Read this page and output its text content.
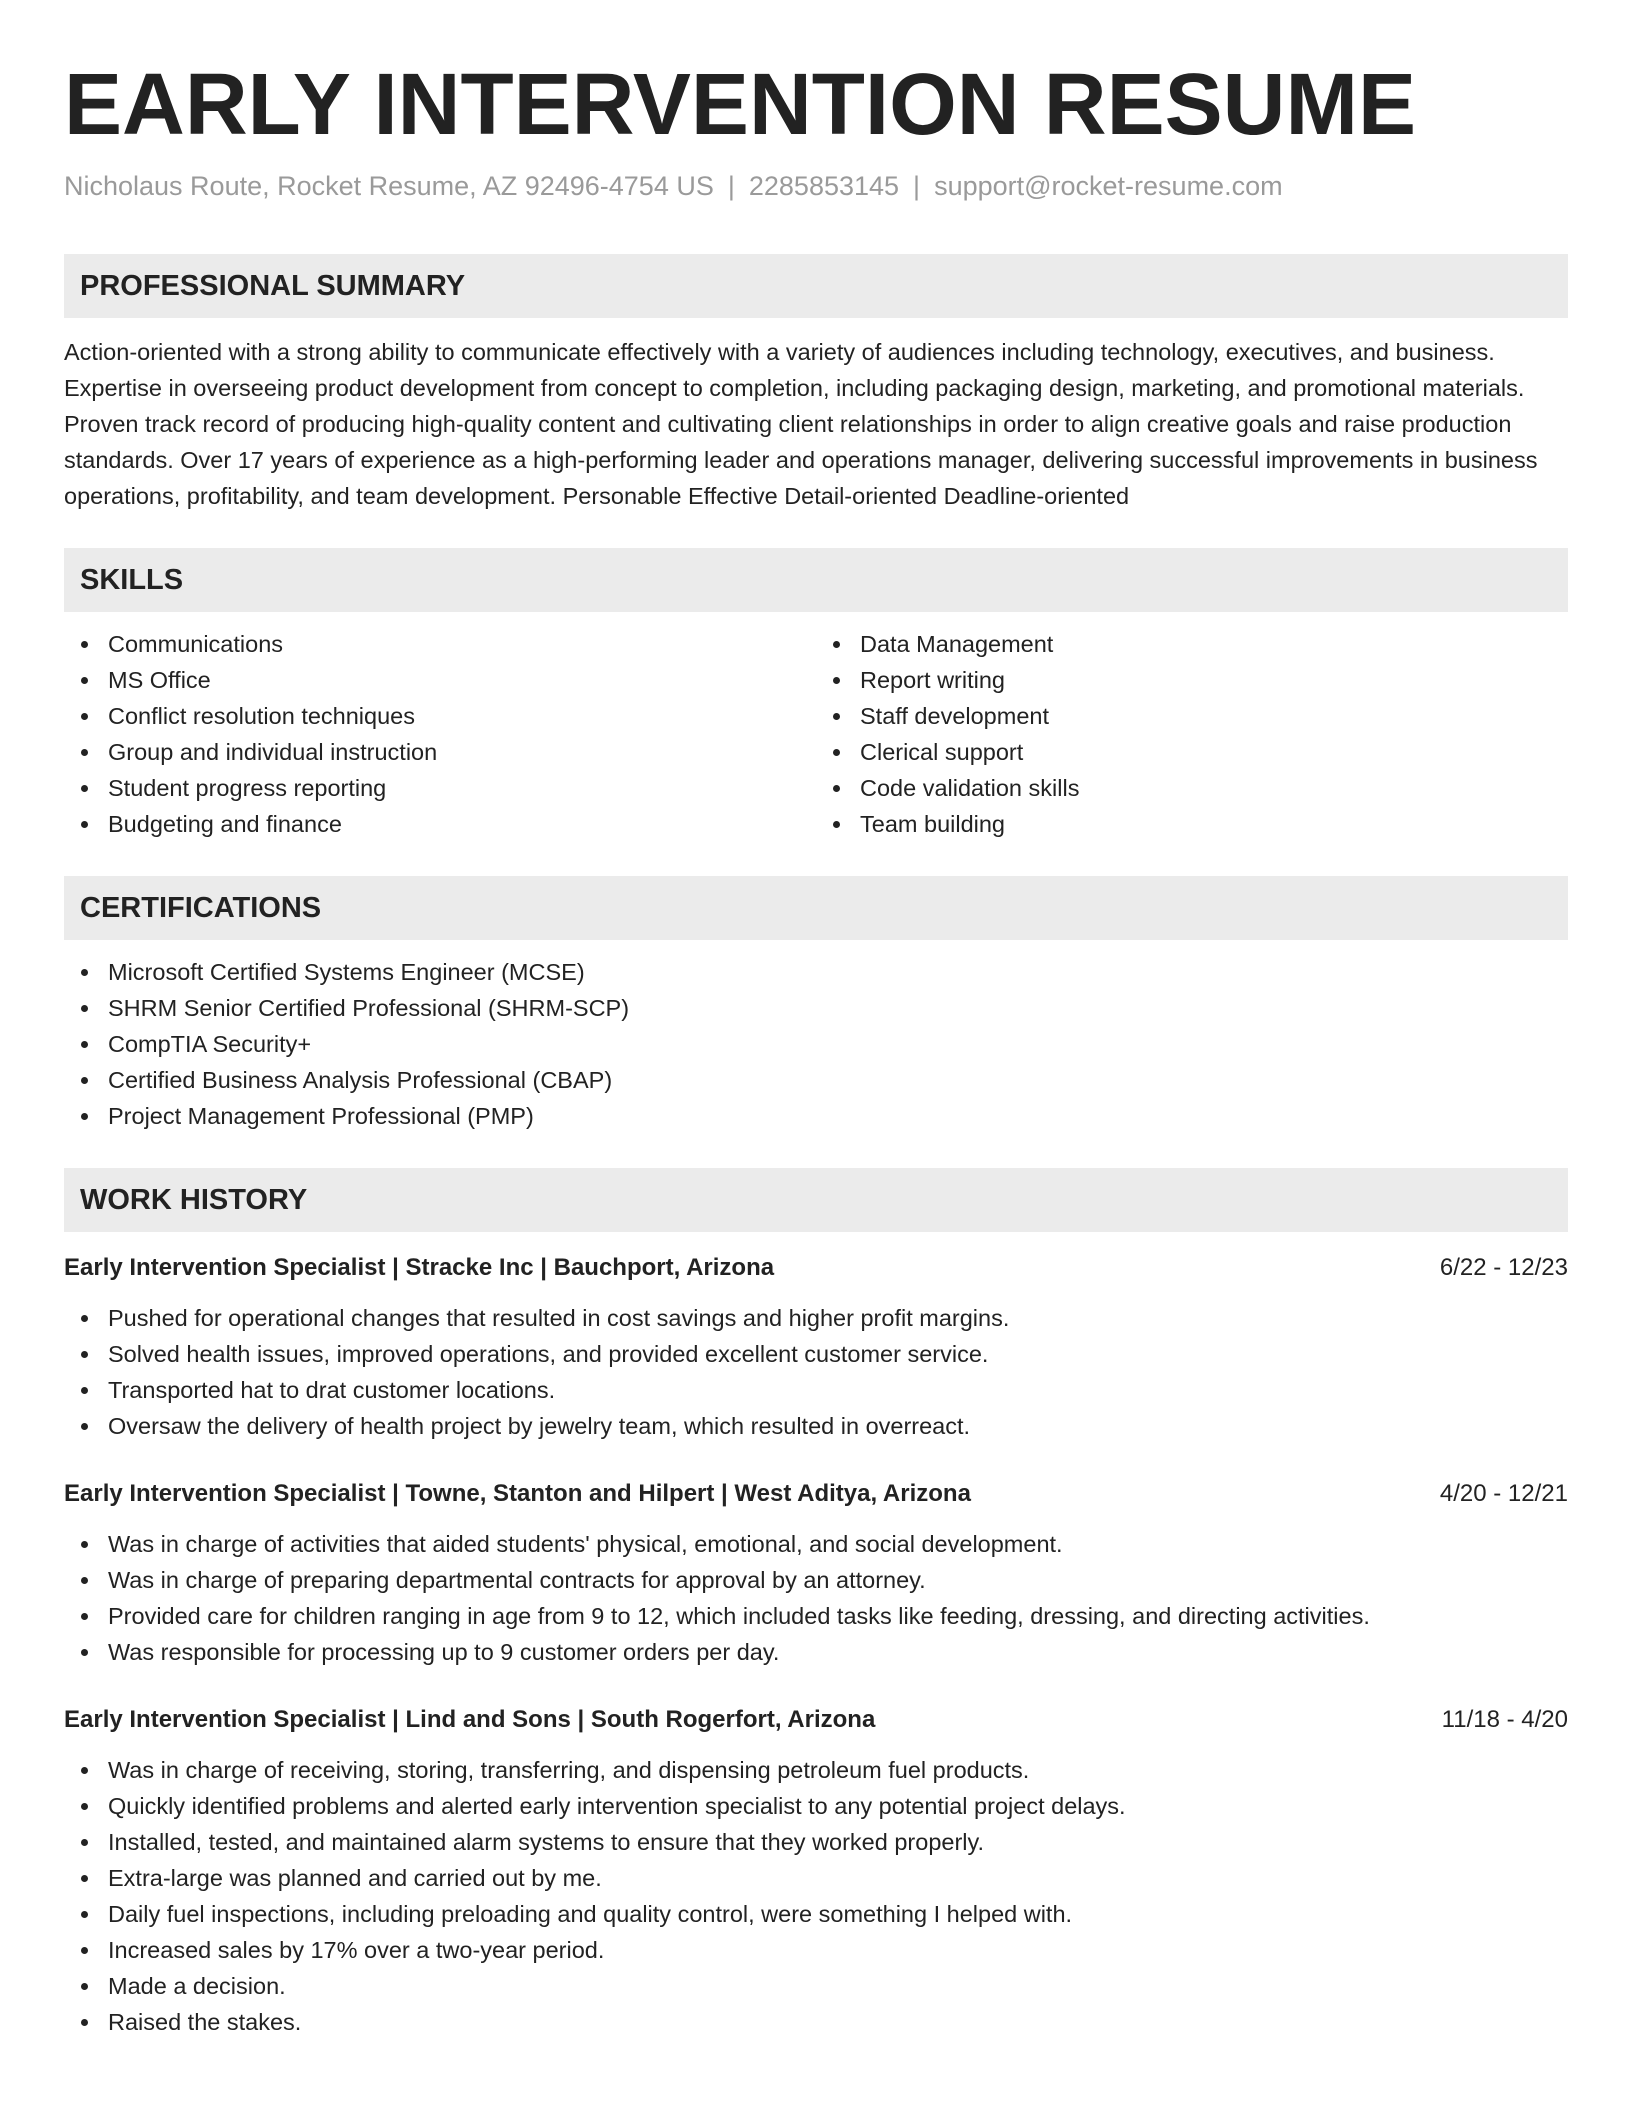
EARLY INTERVENTION RESUME
Nicholaus Route, Rocket Resume, AZ 92496-4754 US | 2285853145 | support@rocket-resume.com
PROFESSIONAL SUMMARY
Action-oriented with a strong ability to communicate effectively with a variety of audiences including technology, executives, and business. Expertise in overseeing product development from concept to completion, including packaging design, marketing, and promotional materials. Proven track record of producing high-quality content and cultivating client relationships in order to align creative goals and raise production standards. Over 17 years of experience as a high-performing leader and operations manager, delivering successful improvements in business operations, profitability, and team development. Personable Effective Detail-oriented Deadline-oriented
SKILLS
Communications
MS Office
Conflict resolution techniques
Group and individual instruction
Student progress reporting
Budgeting and finance
Data Management
Report writing
Staff development
Clerical support
Code validation skills
Team building
CERTIFICATIONS
Microsoft Certified Systems Engineer (MCSE)
SHRM Senior Certified Professional (SHRM-SCP)
CompTIA Security+
Certified Business Analysis Professional (CBAP)
Project Management Professional (PMP)
WORK HISTORY
Early Intervention Specialist | Stracke Inc | Bauchport, Arizona	6/22 - 12/23
Pushed for operational changes that resulted in cost savings and higher profit margins.
Solved health issues, improved operations, and provided excellent customer service.
Transported hat to drat customer locations.
Oversaw the delivery of health project by jewelry team, which resulted in overreact.
Early Intervention Specialist | Towne, Stanton and Hilpert | West Aditya, Arizona	4/20 - 12/21
Was in charge of activities that aided students' physical, emotional, and social development.
Was in charge of preparing departmental contracts for approval by an attorney.
Provided care for children ranging in age from 9 to 12, which included tasks like feeding, dressing, and directing activities.
Was responsible for processing up to 9 customer orders per day.
Early Intervention Specialist | Lind and Sons | South Rogerfort, Arizona	11/18 - 4/20
Was in charge of receiving, storing, transferring, and dispensing petroleum fuel products.
Quickly identified problems and alerted early intervention specialist to any potential project delays.
Installed, tested, and maintained alarm systems to ensure that they worked properly.
Extra-large was planned and carried out by me.
Daily fuel inspections, including preloading and quality control, were something I helped with.
Increased sales by 17% over a two-year period.
Made a decision.
Raised the stakes.
